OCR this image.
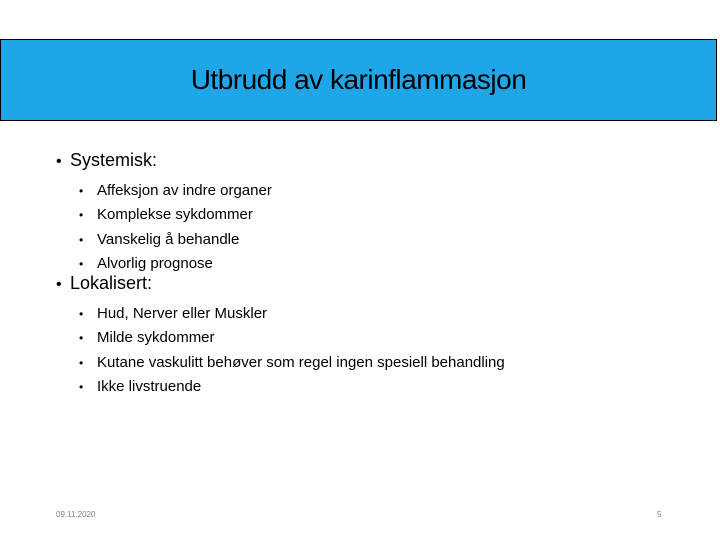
Utbrudd av karinflammasjon
• Systemisk:
• Affeksjon av indre organer
• Komplekse sykdommer
• Vanskelig å behandle
• Alvorlig prognose
• Lokalisert:
• Hud, Nerver eller Muskler
• Milde sykdommer
• Kutane vaskulitt behøver som regel ingen spesiell behandling
• Ikke livstruende
09.11.2020	5
